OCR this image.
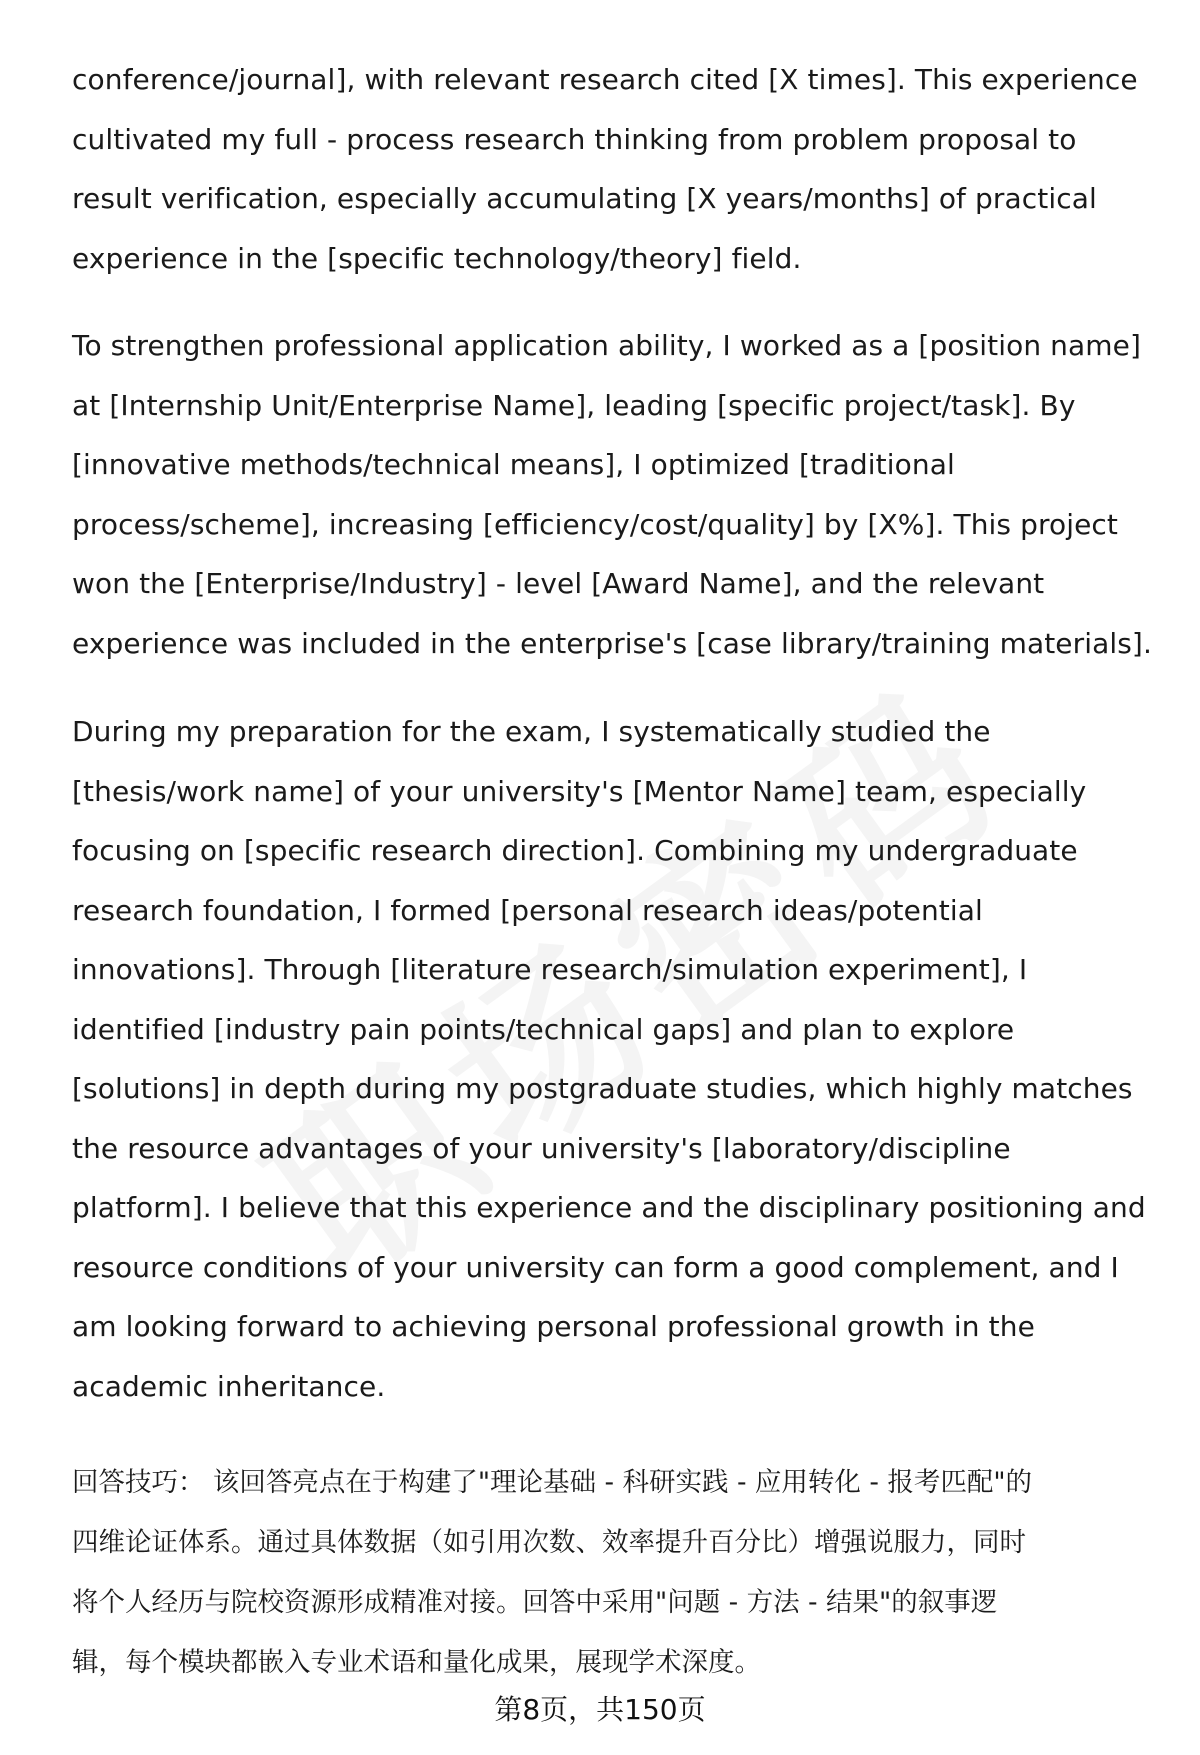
conference/journal], with relevant research cited [X times]. This experience
cultivated my full - process research thinking from problem proposal to
result verification, especially accumulating [X years/months] of practical
experience in the [specific technology/theory] field.

To strengthen professional application ability, I worked as a [position name]
at [Internship Unit/Enterprise Name], leading [specific project/task]. By
[innovative methods/technical means], I optimized [traditional
process/scheme], increasing [efficiency/cost/quality] by [X%]. This project
won the [Enterprise/Industry] - level [Award Name], and the relevant
experience was included in the enterprise's [case library/training materials].

During my preparation for the exam, I systematically studied the
[thesis/work name] of your university's [Mentor Name] team, especially
focusing on [specific research direction]. Combining my undergraduate
research foundation, I formed [personal research ideas/potential
innovations]. Through [literature research/simulation experiment], I
identified [industry pain points/technical gaps] and plan to explore
[solutions] in depth during my postgraduate studies, which highly matches
the resource advantages of your university's [laboratory/discipline
platform]. I believe that this experience and the disciplinary positioning and
resource conditions of your university can form a good complement, and I
am looking forward to achieving personal professional growth in the
academic inheritance.

回答技巧： 该回答亮点在于构建了"理论基础 - 科研实践 - 应用转化 - 报考匹配"的
四维论证体系。通过具体数据（如引用次数、效率提升百分比）增强说服力，同时
将个人经历与院校资源形成精准对接。回答中采用"问题 - 方法 - 结果"的叙事逻
辑，每个模块都嵌入专业术语和量化成果，展现学术深度。

第8页，共150页
